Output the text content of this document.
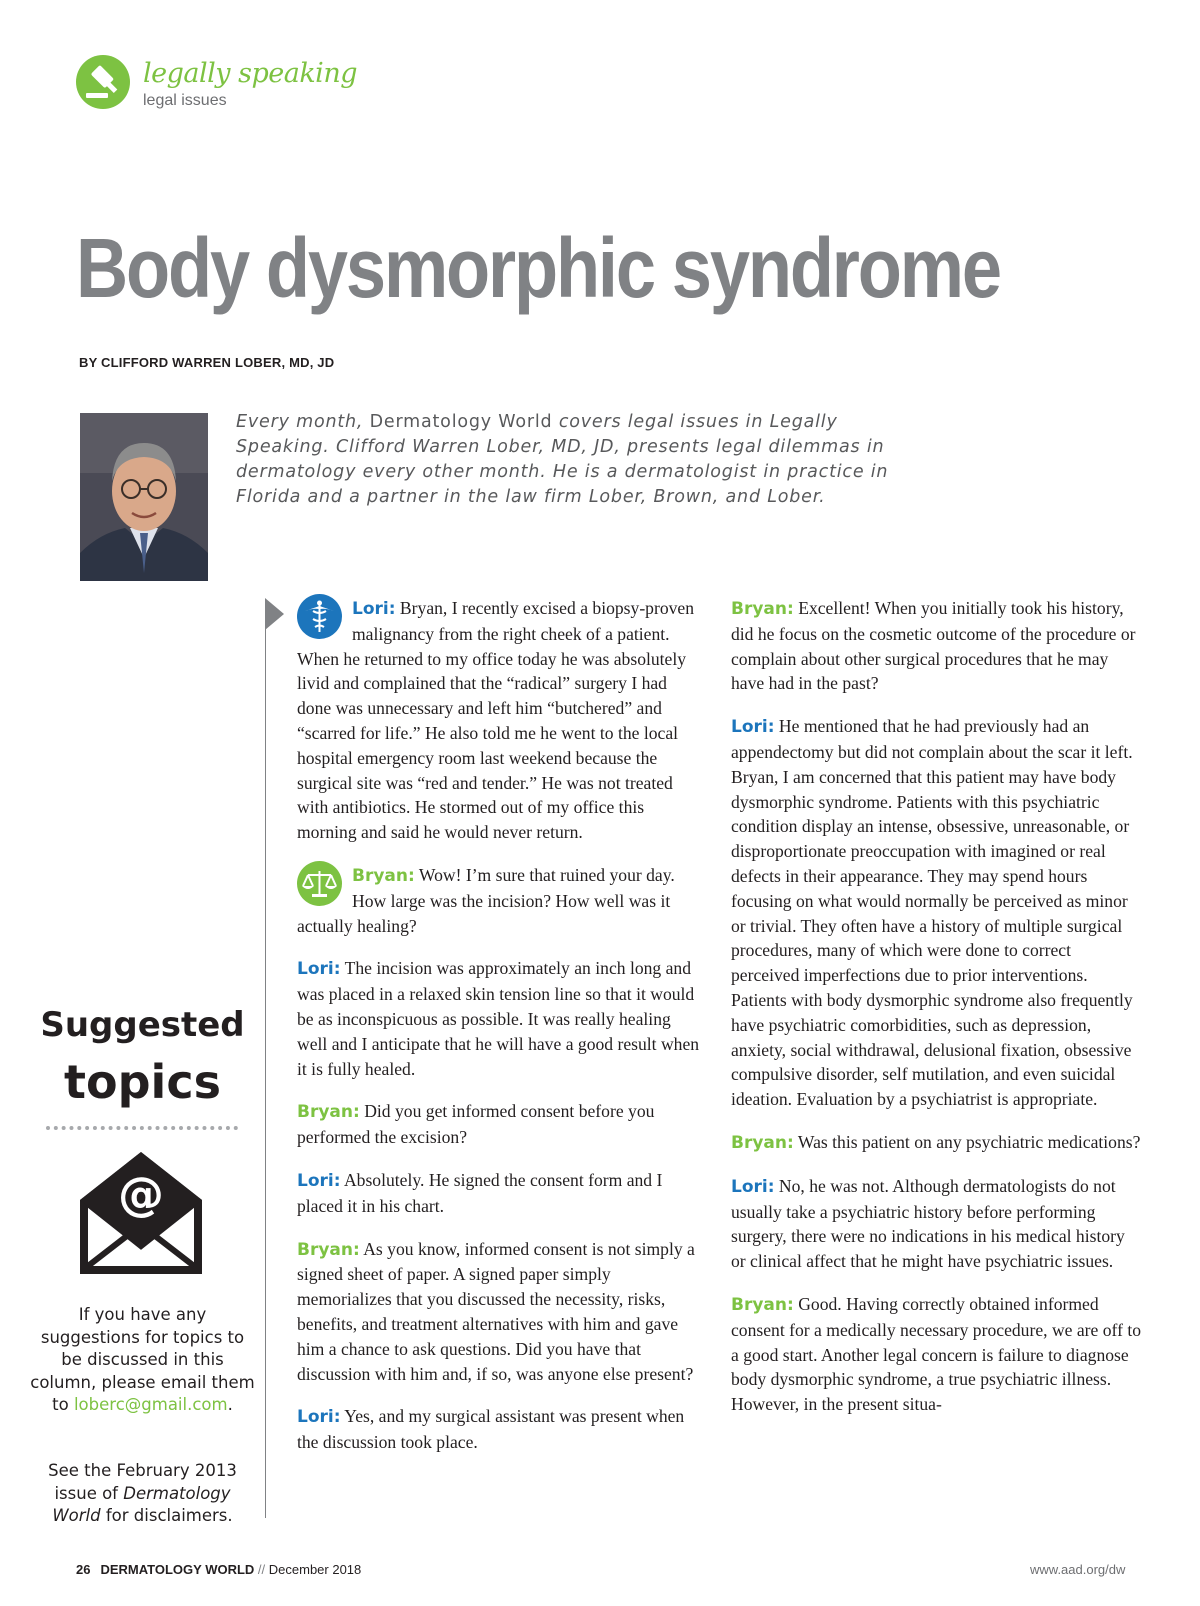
legally speaking
legal issues
Body dysmorphic syndrome
BY CLIFFORD WARREN LOBER, MD, JD
Every month, Dermatology World covers legal issues in Legally Speaking. Clifford Warren Lober, MD, JD, presents legal dilemmas in dermatology every other month. He is a dermatologist in practice in Florida and a partner in the law firm Lober, Brown, and Lober.
Suggested
topics
@
If you have any suggestions for topics to be discussed in this column, please email them to loberc@gmail.com.
See the February 2013 issue of Dermatology World for disclaimers.

Lori: Bryan, I recently excised a biopsy-proven malignancy from the right cheek of a patient. When he returned to my office today he was absolutely livid and complained that the “radical” surgery I had done was unnecessary and left him “butchered” and “scarred for life.” He also told me he went to the local hospital emergency room last weekend because the surgical site was “red and tender.” He was not treated with antibiotics. He stormed out of my office this morning and said he would never return.

Bryan: Wow! I’m sure that ruined your day. How large was the incision? How well was it actually healing?

Lori: The incision was approximately an inch long and was placed in a relaxed skin tension line so that it would be as inconspicuous as possible. It was really healing well and I anticipate that he will have a good result when it is fully healed.

Bryan: Did you get informed consent before you performed the excision?

Lori: Absolutely. He signed the consent form and I placed it in his chart.

Bryan: As you know, informed consent is not simply a signed sheet of paper. A signed paper simply memorializes that you discussed the necessity, risks, benefits, and treatment alternatives with him and gave him a chance to ask questions. Did you have that discussion with him and, if so, was anyone else present?

Lori: Yes, and my surgical assistant was present when the discussion took place.

Bryan: Excellent! When you initially took his history, did he focus on the cosmetic outcome of the procedure or complain about other surgical procedures that he may have had in the past?

Lori: He mentioned that he had previously had an appendectomy but did not complain about the scar it left. Bryan, I am concerned that this patient may have body dysmorphic syndrome. Patients with this psychiatric condition display an intense, obsessive, unreasonable, or disproportionate preoccupation with imagined or real defects in their appearance. They may spend hours focusing on what would normally be perceived as minor or trivial. They often have a history of multiple surgical procedures, many of which were done to correct perceived imperfections due to prior interventions. Patients with body dysmorphic syndrome also frequently have psychiatric comorbidities, such as depression, anxiety, social withdrawal, delusional fixation, obsessive compulsive disorder, self mutilation, and even suicidal ideation. Evaluation by a psychiatrist is appropriate.

Bryan: Was this patient on any psychiatric medications?

Lori: No, he was not. Although dermatologists do not usually take a psychiatric history before performing surgery, there were no indications in his medical history or clinical affect that he might have psychiatric issues.

Bryan: Good. Having correctly obtained informed consent for a medically necessary procedure, we are off to a good start. Another legal concern is failure to diagnose body dysmorphic syndrome, a true psychiatric illness. However, in the present situa-

26 DERMATOLOGY WORLD // December 2018	www.aad.org/dw
